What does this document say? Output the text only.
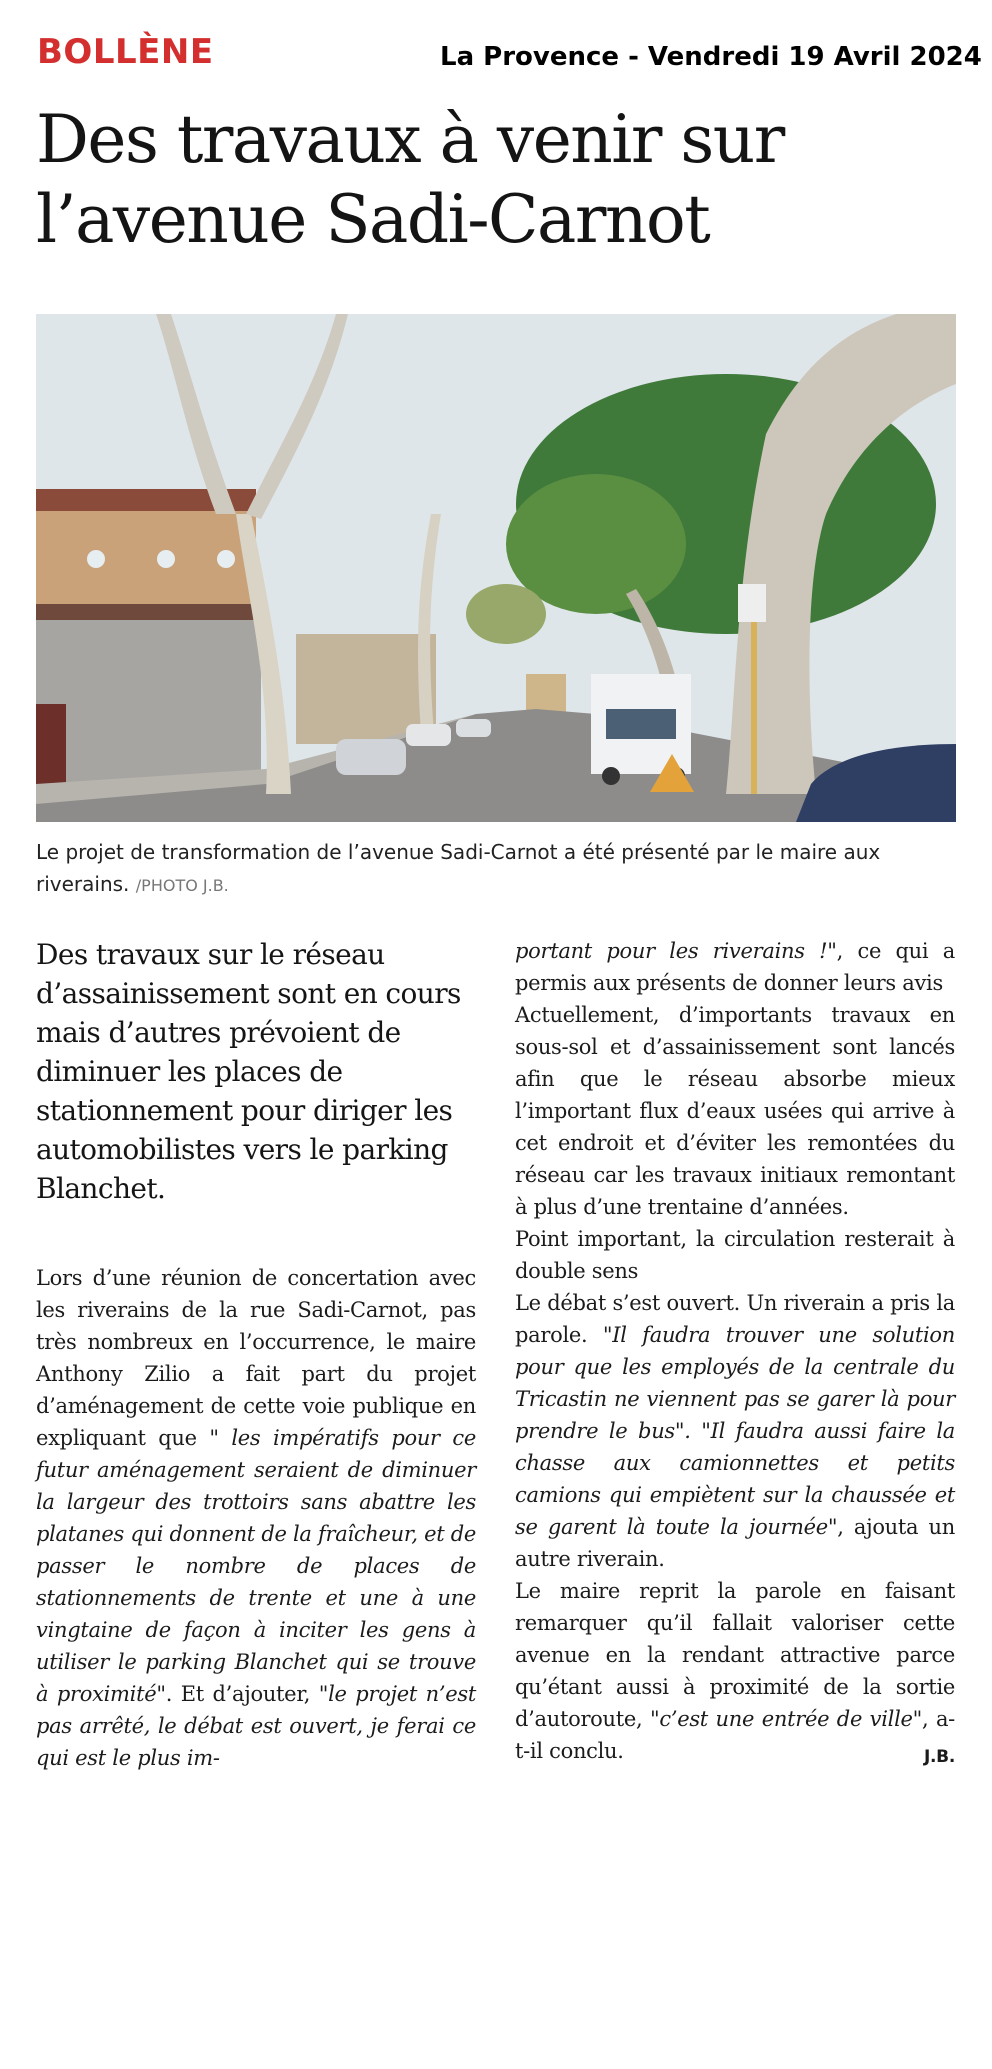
BOLLÈNE	La Provence - Vendredi 19 Avril 2024
Des travaux à venir sur
l’avenue Sadi-Carnot
Le projet de transformation de l’avenue Sadi-Carnot a été présenté par le maire aux riverains. /PHOTO J.B.

Des travaux sur le réseau d’assainissement sont en cours mais d’autres prévoient de diminuer les places de stationnement pour diriger les automobilistes vers le parking Blanchet.

Lors d’une réunion de concertation avec les riverains de la rue Sadi-Carnot, pas très nombreux en l’occurrence, le maire Anthony Zilio a fait part du projet d’aménagement de cette voie publique en expliquant que " les impératifs pour ce futur aménagement seraient de diminuer la largeur des trottoirs sans abattre les platanes qui donnent de la fraîcheur, et de passer le nombre de places de stationnements de trente et une à une vingtaine de façon à inciter les gens à utiliser le parking Blanchet qui se trouve à proximité". Et d’ajouter, "le projet n’est pas arrêté, le débat est ouvert, je ferai ce qui est le plus im-

portant pour les riverains !", ce qui a permis aux présents de donner leurs avis

Actuellement, d’importants travaux en sous-sol et d’assainissement sont lancés afin que le réseau absorbe mieux l’important flux d’eaux usées qui arrive à cet endroit et d’éviter les remontées du réseau car les travaux initiaux remontant à plus d’une trentaine d’années.

Point important, la circulation resterait à double sens

Le débat s’est ouvert. Un riverain a pris la parole. "Il faudra trouver une solution pour que les employés de la centrale du Tricastin ne viennent pas se garer là pour prendre le bus". "Il faudra aussi faire la chasse aux camionnettes et petits camions qui empiètent sur la chaussée et se garent là toute la journée", ajouta un autre riverain.

Le maire reprit la parole en faisant remarquer qu’il fallait valoriser cette avenue en la rendant attractive parce qu’étant aussi à proximité de la sortie d’autoroute, "c’est une entrée de ville", a-t-il conclu.	J.B.
